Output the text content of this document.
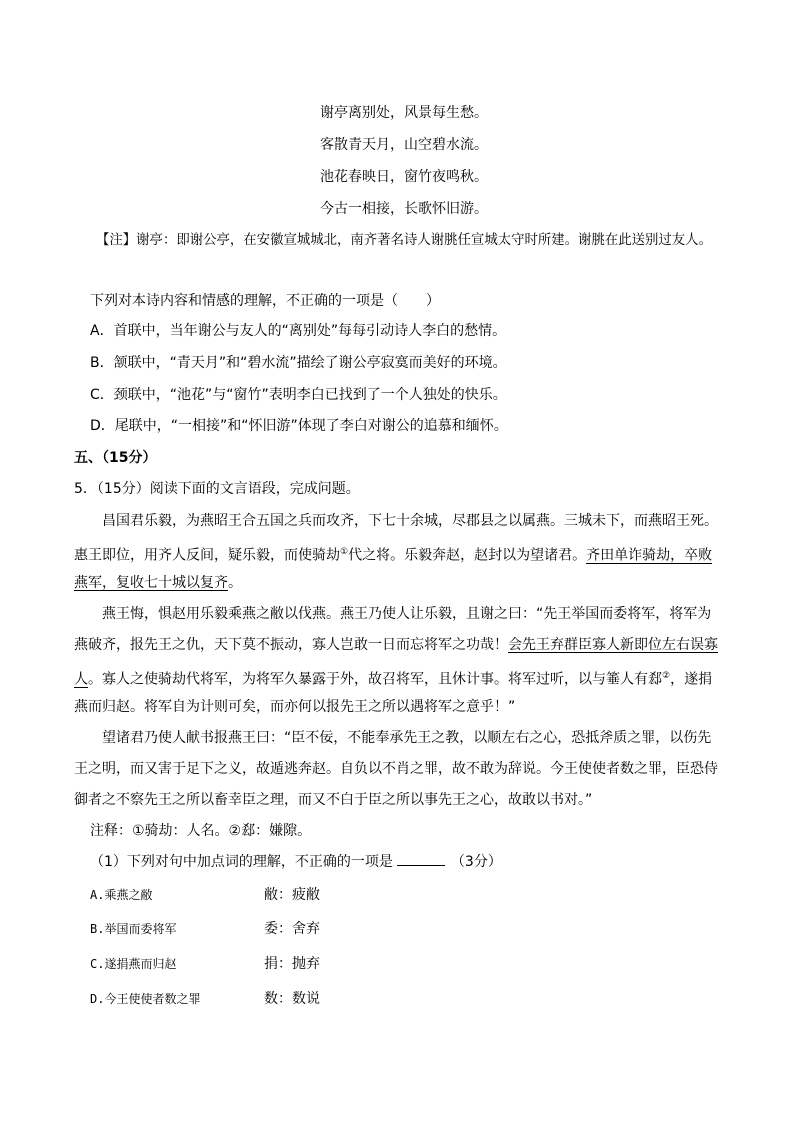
谢亭离别处，风景每生愁。
客散青天月，山空碧水流。
池花春映日，窗竹夜鸣秋。
今古一相接，长歌怀旧游。
【注】谢亭：即谢公亭，在安徽宣城城北，南齐著名诗人谢朓任宣城太守时所建。谢朓在此送别过友人。
下列对本诗内容和情感的理解，不正确的一项是（　　）
A．首联中，当年谢公与友人的“离别处”每每引动诗人李白的愁情。
B．颔联中，“青天月”和“碧水流”描绘了谢公亭寂寞而美好的环境。
C．颈联中，“池花”与“窗竹”表明李白已找到了一个人独处的快乐。
D．尾联中，“一相接”和“怀旧游”体现了李白对谢公的追慕和缅怀。
五、（15分）
5．（15分）阅读下面的文言语段，完成问题。
昌国君乐毅，为燕昭王合五国之兵而攻齐，下七十余城，尽郡县之以属燕。三城未下，而燕昭王死。
惠王即位，用齐人反间，疑乐毅，而使骑劫①代之将。乐毅奔赵，赵封以为望诸君。齐田单诈骑劫，卒败
燕军，复收七十城以复齐。
燕王悔，惧赵用乐毅乘燕之敝以伐燕。燕王乃使人让乐毅，且谢之曰：“先王举国而委将军，将军为
燕破齐，报先王之仇，天下莫不振动，寡人岂敢一日而忘将军之功哉！会先王弃群臣寡人新即位左右误寡
人。寡人之使骑劫代将军，为将军久暴露于外，故召将军，且休计事。将军过听，以与箠人有郄②，遂捐
燕而归赵。将军自为计则可矣，而亦何以报先王之所以遇将军之意乎！”
望诸君乃使人献书报燕王曰：“臣不佞，不能奉承先王之教，以顺左右之心，恐抵斧质之罪，以伤先
王之明，而又害于足下之义，故遁逃奔赵。自负以不肖之罪，故不敢为辞说。今王使使者数之罪，臣恐侍
御者之不察先王之所以畜幸臣之理，而又不白于臣之所以事先王之心，故敢以书对。”
注释：①骑劫：人名。②郄：嫌隙。
（1）下列对句中加点词的理解，不正确的一项是	（3分）
A.乘燕之敝	敝：疲敝
B.举国而委将军	委：舍弃
C.遂捐燕而归赵	捐：抛弃
D.今王使使者数之罪	数：数说
